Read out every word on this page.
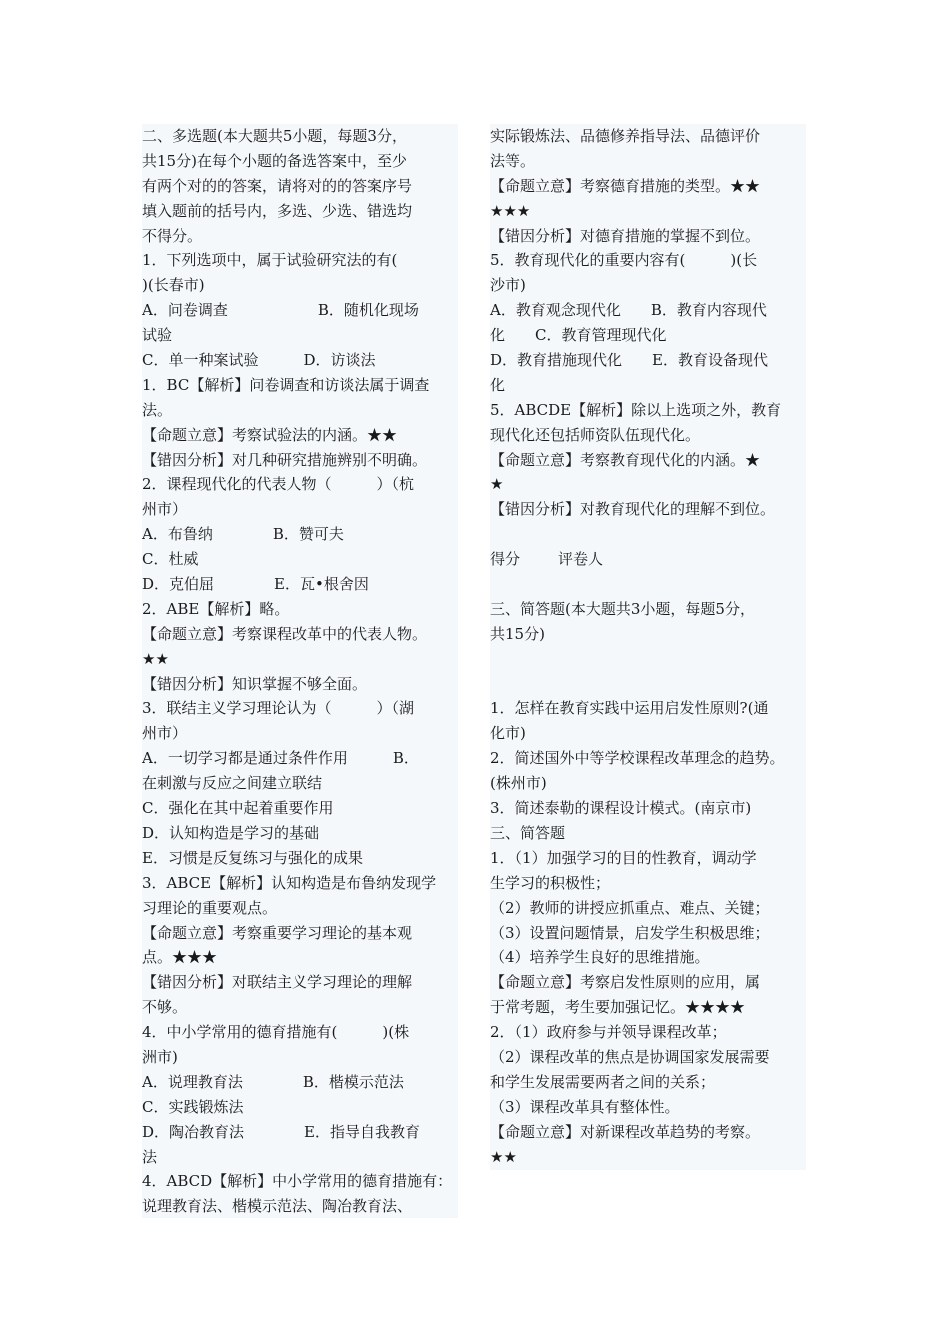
二、多选题(本大题共5小题，每题3分，
共15分)在每个小题的备选答案中，至少
有两个对的的答案，请将对的的答案序号
填入题前的括号内，多选、少选、错选均
不得分。
1．下列选项中，属于试验研究法的有(
)(长春市)
A．问卷调查　　　　　　B．随机化现场
试验
C．单一种案试验　　　D．访谈法
1．BC【解析】问卷调查和访谈法属于调查
法。
【命题立意】考察试验法的内涵。★★
【错因分析】对几种研究措施辨别不明确。
2．课程现代化的代表人物（　　　）（杭
州市）
A．布鲁纳　　　　B．赞可夫
C．杜威
D．克伯屈　　　　E．瓦•根舍因
2．ABE【解析】略。
【命题立意】考察课程改革中的代表人物。
★★
【错因分析】知识掌握不够全面。
3．联结主义学习理论认为（　　　）（湖
州市）
A．一切学习都是通过条件作用　　　B．
在刺激与反应之间建立联结
C．强化在其中起着重要作用
D．认知构造是学习的基础
E．习惯是反复练习与强化的成果
3．ABCE【解析】认知构造是布鲁纳发现学
习理论的重要观点。
【命题立意】考察重要学习理论的基本观
点。★★★
【错因分析】对联结主义学习理论的理解
不够。
4．中小学常用的德育措施有(　　　)(株
洲市)
A．说理教育法　　　　B．楷模示范法
C．实践锻炼法
D．陶冶教育法　　　　E．指导自我教育
法
4．ABCD【解析】中小学常用的德育措施有：
说理教育法、楷模示范法、陶冶教育法、
实际锻炼法、品德修养指导法、品德评价
法等。
【命题立意】考察德育措施的类型。★★
★★★
【错因分析】对德育措施的掌握不到位。
5．教育现代化的重要内容有(　　　)(长
沙市)
A．教育观念现代化　　B．教育内容现代
化　　C．教育管理现代化
D．教育措施现代化　　E．教育设备现代
化
5．ABCDE【解析】除以上选项之外，教育
现代化还包括师资队伍现代化。
【命题立意】考察教育现代化的内涵。★
★
【错因分析】对教育现代化的理解不到位。
得分	评卷人
三、简答题(本大题共3小题，每题5分，
共15分)
1．怎样在教育实践中运用启发性原则?(通
化市)
2．简述国外中等学校课程改革理念的趋势。
(株州市)
3．简述泰勒的课程设计模式。(南京市)
三、简答题
1．（1）加强学习的目的性教育，调动学
生学习的积极性；
（2）教师的讲授应抓重点、难点、关键；
（3）设置问题情景，启发学生积极思维；
（4）培养学生良好的思维措施。
【命题立意】考察启发性原则的应用，属
于常考题，考生要加强记忆。★★★★
2．（1）政府参与并领导课程改革；
（2）课程改革的焦点是协调国家发展需要
和学生发展需要两者之间的关系；
（3）课程改革具有整体性。
【命题立意】对新课程改革趋势的考察。
★★
